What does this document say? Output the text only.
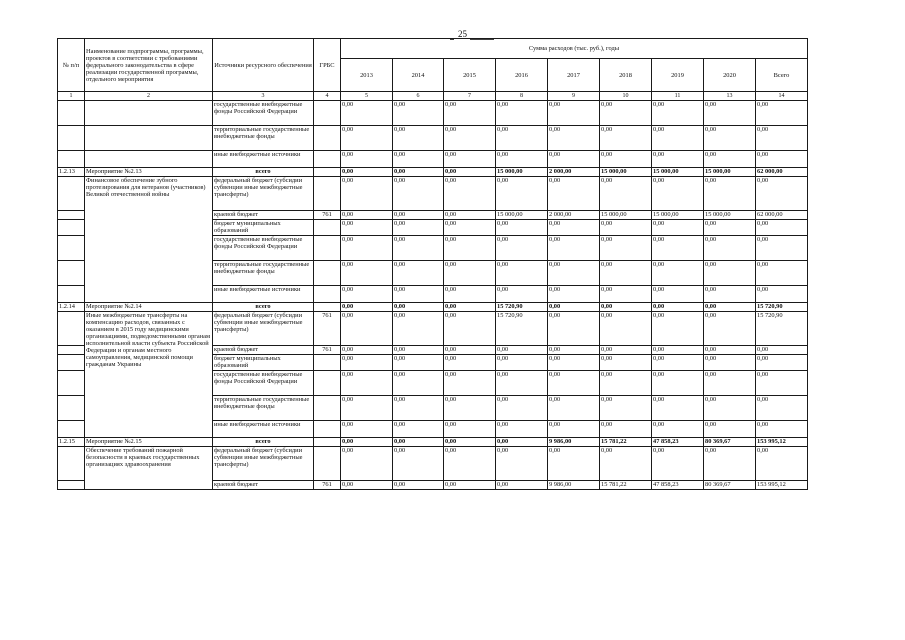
25
№ п/п	Наименование подпрограммы, программы, проектов в соответствии с требованиями федерального законодательства в сфере реализации государственной программы, отдельного мероприятия	Источники ресурсного обеспечения	ГРБС	Сумма расходов (тыс. руб.), годы								
				2013	2014	2015	2016	2017	2018	2019	2020	Всего
1	2	3	4	5	6	7	8	9	10	11	13	14
		государственные внебюджетные фонды Российской Федерации		0,00	0,00	0,00	0,00	0,00	0,00	0,00	0,00	0,00
		территориальные государственные внебюджетные фонды		0,00	0,00	0,00	0,00	0,00	0,00	0,00	0,00	0,00
		иные внебюджетные источники		0,00	0,00	0,00	0,00	0,00	0,00	0,00	0,00	0,00
1.2.13	Мероприятие №2.13	всего		0,00	0,00	0,00	15 000,00	2 000,00	15 000,00	15 000,00	15 000,00	62 000,00
	Финансовое обеспечение зубного протезирования для ветеранов (участников) Великой отечественной войны	федеральный бюджет (субсидии субвенции иные межбюджетные трансферты)		0,00	0,00	0,00	0,00	0,00	0,00	0,00	0,00	0,00
		краевой бюджет	761	0,00	0,00	0,00	15 000,00	2 000,00	15 000,00	15 000,00	15 000,00	62 000,00
		бюджет муниципальных образований		0,00	0,00	0,00	0,00	0,00	0,00	0,00	0,00	0,00
		государственные внебюджетные фонды Российской Федерации		0,00	0,00	0,00	0,00	0,00	0,00	0,00	0,00	0,00
		территориальные государственные внебюджетные фонды		0,00	0,00	0,00	0,00	0,00	0,00	0,00	0,00	0,00
		иные внебюджетные источники		0,00	0,00	0,00	0,00	0,00	0,00	0,00	0,00	0,00
1.2.14	Мероприятие №2.14	всего		0,00	0,00	0,00	15 720,90	0,00	0,00	0,00	0,00	15 720,90
	Иные межбюджетные трансферты на компенсацию расходов, связанных с оказанием в 2015 году медицинскими организациями, подведомственными органам исполнительной власти субъекта Российской Федерации и органам местного самоуправления, медицинской помощи гражданам Украины	федеральный бюджет (субсидии субвенции иные межбюджетные трансферты)	761	0,00	0,00	0,00	15 720,90	0,00	0,00	0,00	0,00	15 720,90
		краевой бюджет	761	0,00	0,00	0,00	0,00	0,00	0,00	0,00	0,00	0,00
		бюджет муниципальных образований		0,00	0,00	0,00	0,00	0,00	0,00	0,00	0,00	0,00
		государственные внебюджетные фонды Российской Федерации		0,00	0,00	0,00	0,00	0,00	0,00	0,00	0,00	0,00
		территориальные государственные внебюджетные фонды		0,00	0,00	0,00	0,00	0,00	0,00	0,00	0,00	0,00
		иные внебюджетные источники		0,00	0,00	0,00	0,00	0,00	0,00	0,00	0,00	0,00
1.2.15	Мероприятие №2.15	всего		0,00	0,00	0,00	0,00	9 986,00	15 781,22	47 858,23	80 369,67	153 995,12
	Обеспечение требований пожарной безопасности в краевых государственных организациях здравоохранения	федеральный бюджет (субсидии субвенции иные межбюджетные трансферты)		0,00	0,00	0,00	0,00	0,00	0,00	0,00	0,00	0,00
		краевой бюджет	761	0,00	0,00	0,00	0,00	9 986,00	15 781,22	47 858,23	80 369,67	153 995,12
